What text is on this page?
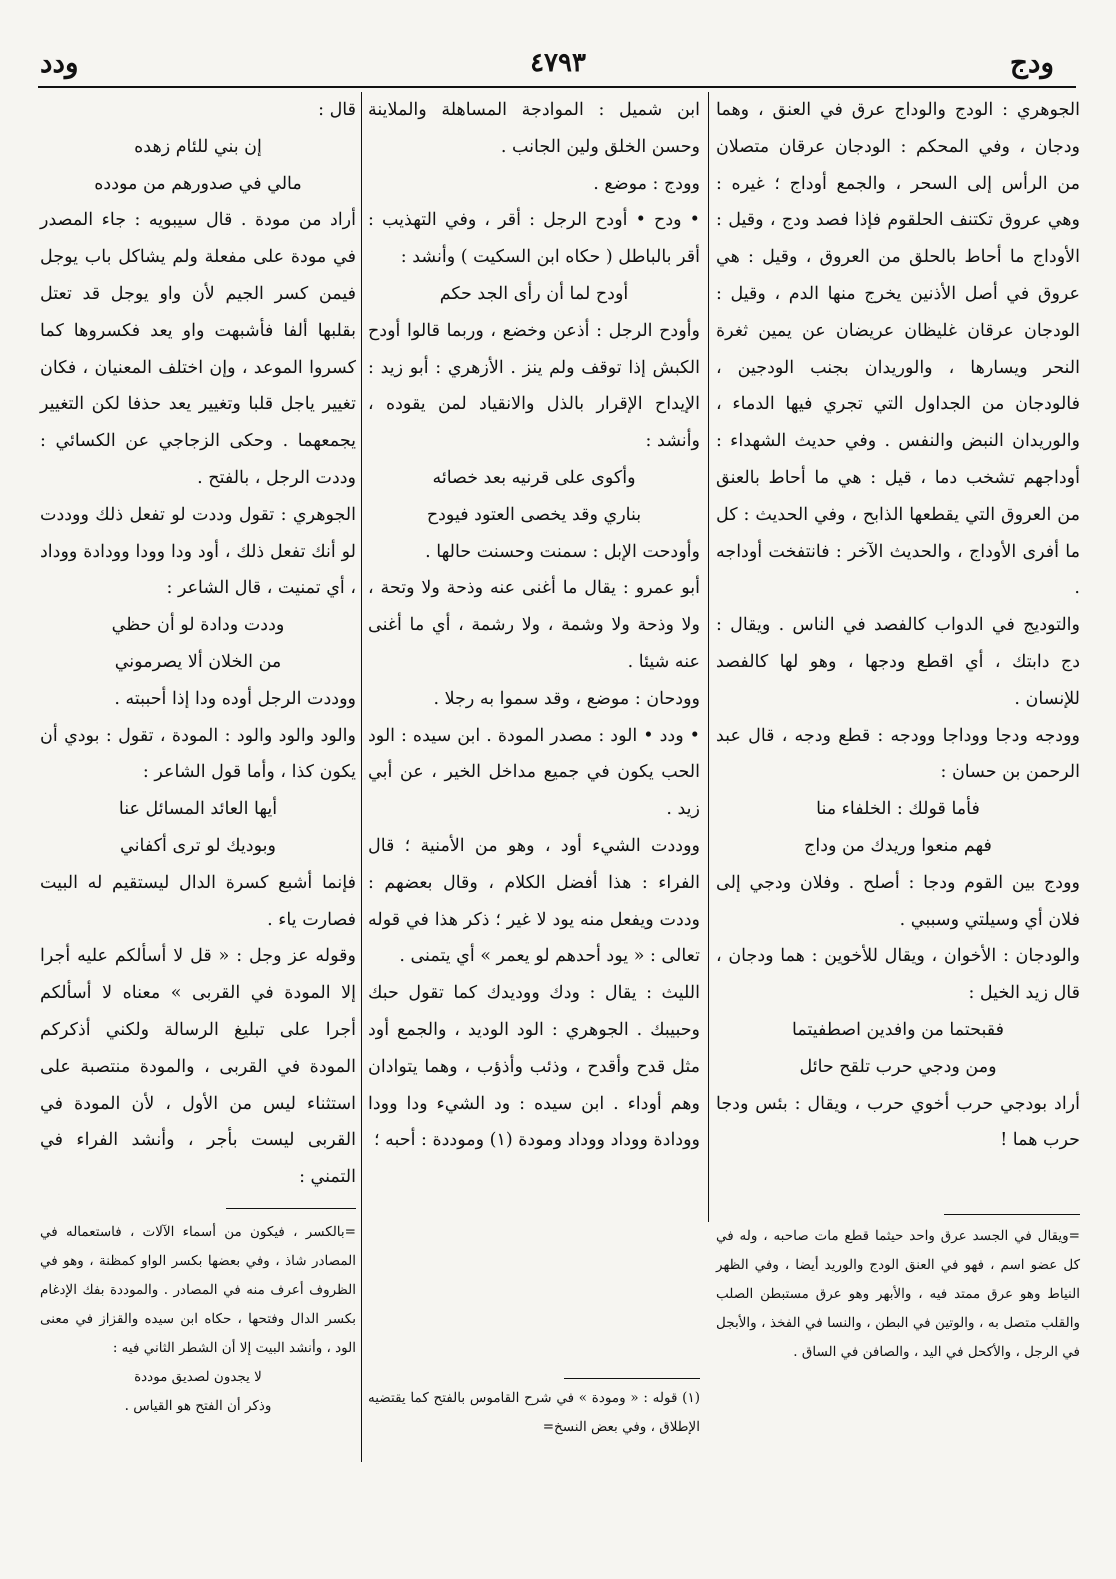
ودج
٤٧٩٣
ودد

الجوهري : الودج والوداج عرق في العنق ، وهما ودجان ، وفي المحكم : الودجان عرقان متصلان من الرأس إلى السحر ، والجمع أوداج ؛ غيره : وهي عروق تكتنف الحلقوم فإذا فصد ودج ، وقيل : الأوداج ما أحاط بالحلق من العروق ، وقيل : هي عروق في أصل الأذنين يخرج منها الدم ، وقيل : الودجان عرقان غليظان عريضان عن يمين ثغرة النحر ويسارها ، والوريدان بجنب الودجين ، فالودجان من الجداول التي تجري فيها الدماء ، والوريدان النبض والنفس . وفي حديث الشهداء : أوداجهم تشخب دما ، قيل : هي ما أحاط بالعنق من العروق التي يقطعها الذابح ، وفي الحديث : كل ما أفرى الأوداج ، والحديث الآخر : فانتفخت أوداجه .

والتوديج في الدواب كالفصد في الناس . ويقال : دج دابتك ، أي اقطع ودجها ، وهو لها كالفصد للإنسان .

وودجه ودجا ووداجا وودجه : قطع ودجه ، قال عبد الرحمن بن حسان :

فأما قولك : الخلفاء منا

فهم منعوا وريدك من وداج

وودج بين القوم ودجا : أصلح . وفلان ودجي إلى فلان أي وسيلتي وسببي .

والودجان : الأخوان ، ويقال للأخوين : هما ودجان ، قال زيد الخيل :

فقبحتما من وافدين اصطفيتما

ومن ودجي حرب تلقح حائل

أراد بودجي حرب أخوي حرب ، ويقال : بئس ودجا حرب هما !

ابن شميل : الموادجة المساهلة والملاينة وحسن الخلق ولين الجانب .

وودج : موضع .

• ودح • أودح الرجل : أقر ، وفي التهذيب : أقر بالباطل ( حكاه ابن السكيت ) وأنشد :

أودح لما أن رأى الجد حكم

وأودح الرجل : أذعن وخضع ، وربما قالوا أودح الكبش إذا توقف ولم ينز . الأزهري : أبو زيد : الإيداح الإقرار بالذل والانقياد لمن يقوده ، وأنشد :

وأكوى على قرنيه بعد خصائه

بناري وقد يخصى العتود فيودح

وأودحت الإبل : سمنت وحسنت حالها .

أبو عمرو : يقال ما أغنى عنه وذحة ولا وتحة ، ولا وذحة ولا وشمة ، ولا رشمة ، أي ما أغنى عنه شيئا .

وودحان : موضع ، وقد سموا به رجلا .

• ودد • الود : مصدر المودة . ابن سيده : الود الحب يكون في جميع مداخل الخير ، عن أبي زيد .

ووددت الشيء أود ، وهو من الأمنية ؛ قال الفراء : هذا أفضل الكلام ، وقال بعضهم : وددت ويفعل منه يود لا غير ؛ ذكر هذا في قوله تعالى : « يود أحدهم لو يعمر » أي يتمنى .

الليث : يقال : ودك ووديدك كما تقول حبك وحبيبك . الجوهري : الود الوديد ، والجمع أود مثل قدح وأقدح ، وذئب وأذؤب ، وهما يتوادان وهم أوداء . ابن سيده : ود الشيء ودا وودا وودادة ووداد ووداد ومودة (١) وموددة : أحبه ؛

قال :

إن بني للئام زهده

مالي في صدورهم من مودده

أراد من مودة . قال سيبويه : جاء المصدر في مودة على مفعلة ولم يشاكل باب يوجل فيمن كسر الجيم لأن واو يوجل قد تعتل بقلبها ألفا فأشبهت واو يعد فكسروها كما كسروا الموعد ، وإن اختلف المعنيان ، فكان تغيير ياجل قلبا وتغيير يعد حذفا لكن التغيير يجمعهما . وحكى الزجاجي عن الكسائي : وددت الرجل ، بالفتح .

الجوهري : تقول وددت لو تفعل ذلك ووددت لو أنك تفعل ذلك ، أود ودا وودا وودادة ووداد ، أي تمنيت ، قال الشاعر :

وددت ودادة لو أن حظي

من الخلان ألا يصرموني

ووددت الرجل أوده ودا إذا أحببته .

والود والود والود : المودة ، تقول : بودي أن يكون كذا ، وأما قول الشاعر :

أيها العائد المسائل عنا

وبوديك لو ترى أكفاني

فإنما أشبع كسرة الدال ليستقيم له البيت فصارت ياء .

وقوله عز وجل : « قل لا أسألكم عليه أجرا إلا المودة في القربى » معناه لا أسألكم أجرا على تبليغ الرسالة ولكني أذكركم المودة في القربى ، والمودة منتصبة على استثناء ليس من الأول ، لأن المودة في القربى ليست بأجر ، وأنشد الفراء في التمني :

=ويقال في الجسد عرق واحد حيثما قطع مات صاحبه ، وله في كل عضو اسم ، فهو في العنق الودج والوريد أيضا ، وفي الظهر النياط وهو عرق ممتد فيه ، والأبهر وهو عرق مستبطن الصلب والقلب متصل به ، والوتين في البطن ، والنسا في الفخذ ، والأبجل في الرجل ، والأكحل في اليد ، والصافن في الساق .

(١) قوله : « ومودة » في شرح القاموس بالفتح كما يقتضيه الإطلاق ، وفي بعض النسخ=

=بالكسر ، فيكون من أسماء الآلات ، فاستعماله في المصادر شاذ ، وفي بعضها بكسر الواو كمظنة ، وهو في الظروف أعرف منه في المصادر . والموددة بفك الإدغام بكسر الدال وفتحها ، حكاه ابن سيده والقزاز في معنى الود ، وأنشد البيت إلا أن الشطر الثاني فيه :

لا يجدون لصديق موددة

وذكر أن الفتح هو القياس .
